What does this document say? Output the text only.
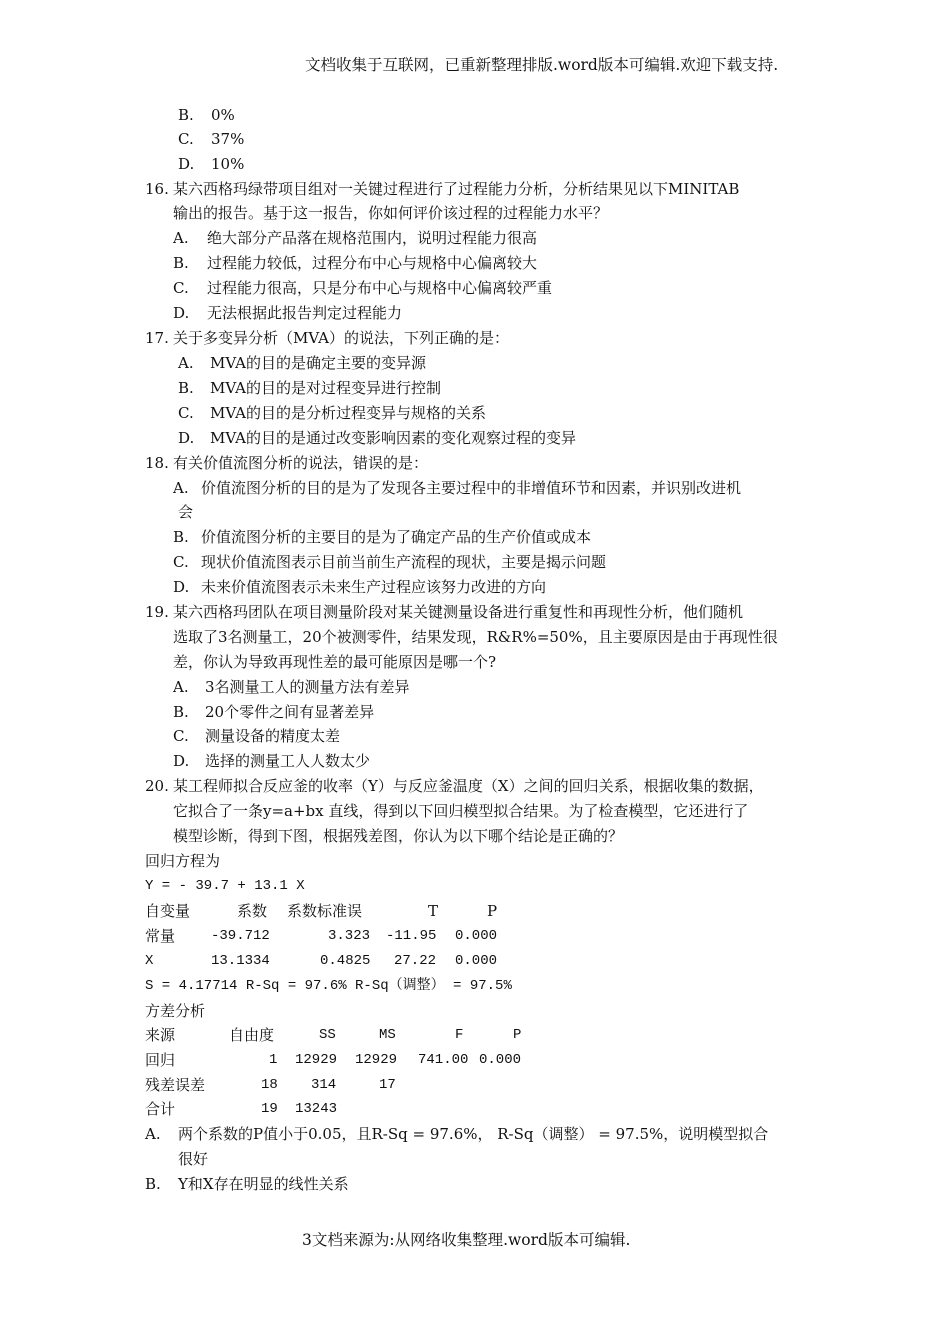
文档收集于互联网，已重新整理排版.word版本可编辑.欢迎下载支持.
B. 0%
C. 37%
D. 10%
16. 某六西格玛绿带项目组对一关键过程进行了过程能力分析，分析结果见以下MINITAB
输出的报告。基于这一报告，你如何评价该过程的过程能力水平？
A. 绝大部分产品落在规格范围内，说明过程能力很高
B. 过程能力较低，过程分布中心与规格中心偏离较大
C. 过程能力很高，只是分布中心与规格中心偏离较严重
D. 无法根据此报告判定过程能力
17. 关于多变异分析（MVA）的说法，下列正确的是：
A. MVA的目的是确定主要的变异源
B. MVA的目的是对过程变异进行控制
C. MVA的目的是分析过程变异与规格的关系
D. MVA的目的是通过改变影响因素的变化观察过程的变异
18. 有关价值流图分析的说法，错误的是：
A. 价值流图分析的目的是为了发现各主要过程中的非增值环节和因素，并识别改进机
会
B. 价值流图分析的主要目的是为了确定产品的生产价值或成本
C. 现状价值流图表示目前当前生产流程的现状，主要是揭示问题
D. 未来价值流图表示未来生产过程应该努力改进的方向
19. 某六西格玛团队在项目测量阶段对某关键测量设备进行重复性和再现性分析，他们随机
选取了3名测量工，20个被测零件，结果发现，R&R%=50%，且主要原因是由于再现性很
差，你认为导致再现性差的最可能原因是哪一个?
A. 3名测量工人的测量方法有差异
B. 20个零件之间有显著差异
C. 测量设备的精度太差
D. 选择的测量工人人数太少
20. 某工程师拟合反应釜的收率（Y）与反应釜温度（X）之间的回归关系，根据收集的数据，
它拟合了一条y=a+bx 直线，得到以下回归模型拟合结果。为了检查模型，它还进行了
模型诊断，得到下图，根据残差图，你认为以下哪个结论是正确的？
回归方程为
Y = - 39.7 + 13.1 X
自变量	系数 系数标准误	T	P
常量	-39.712	3.323 -11.95 0.000
X	13.1334	0.4825 27.22 0.000
S = 4.17714 R-Sq = 97.6% R-Sq（调整） = 97.5%
方差分析
来源	自由度	SS	MS	F	P
回归	1 12929 12929 741.00 0.000
残差误差	18 314	17
合计	19 13243
A. 两个系数的P值小于0.05，且R-Sq = 97.6%， R-Sq（调整） = 97.5%，说明模型拟合
很好
B. Y和X存在明显的线性关系
3文档来源为:从网络收集整理.word版本可编辑.
